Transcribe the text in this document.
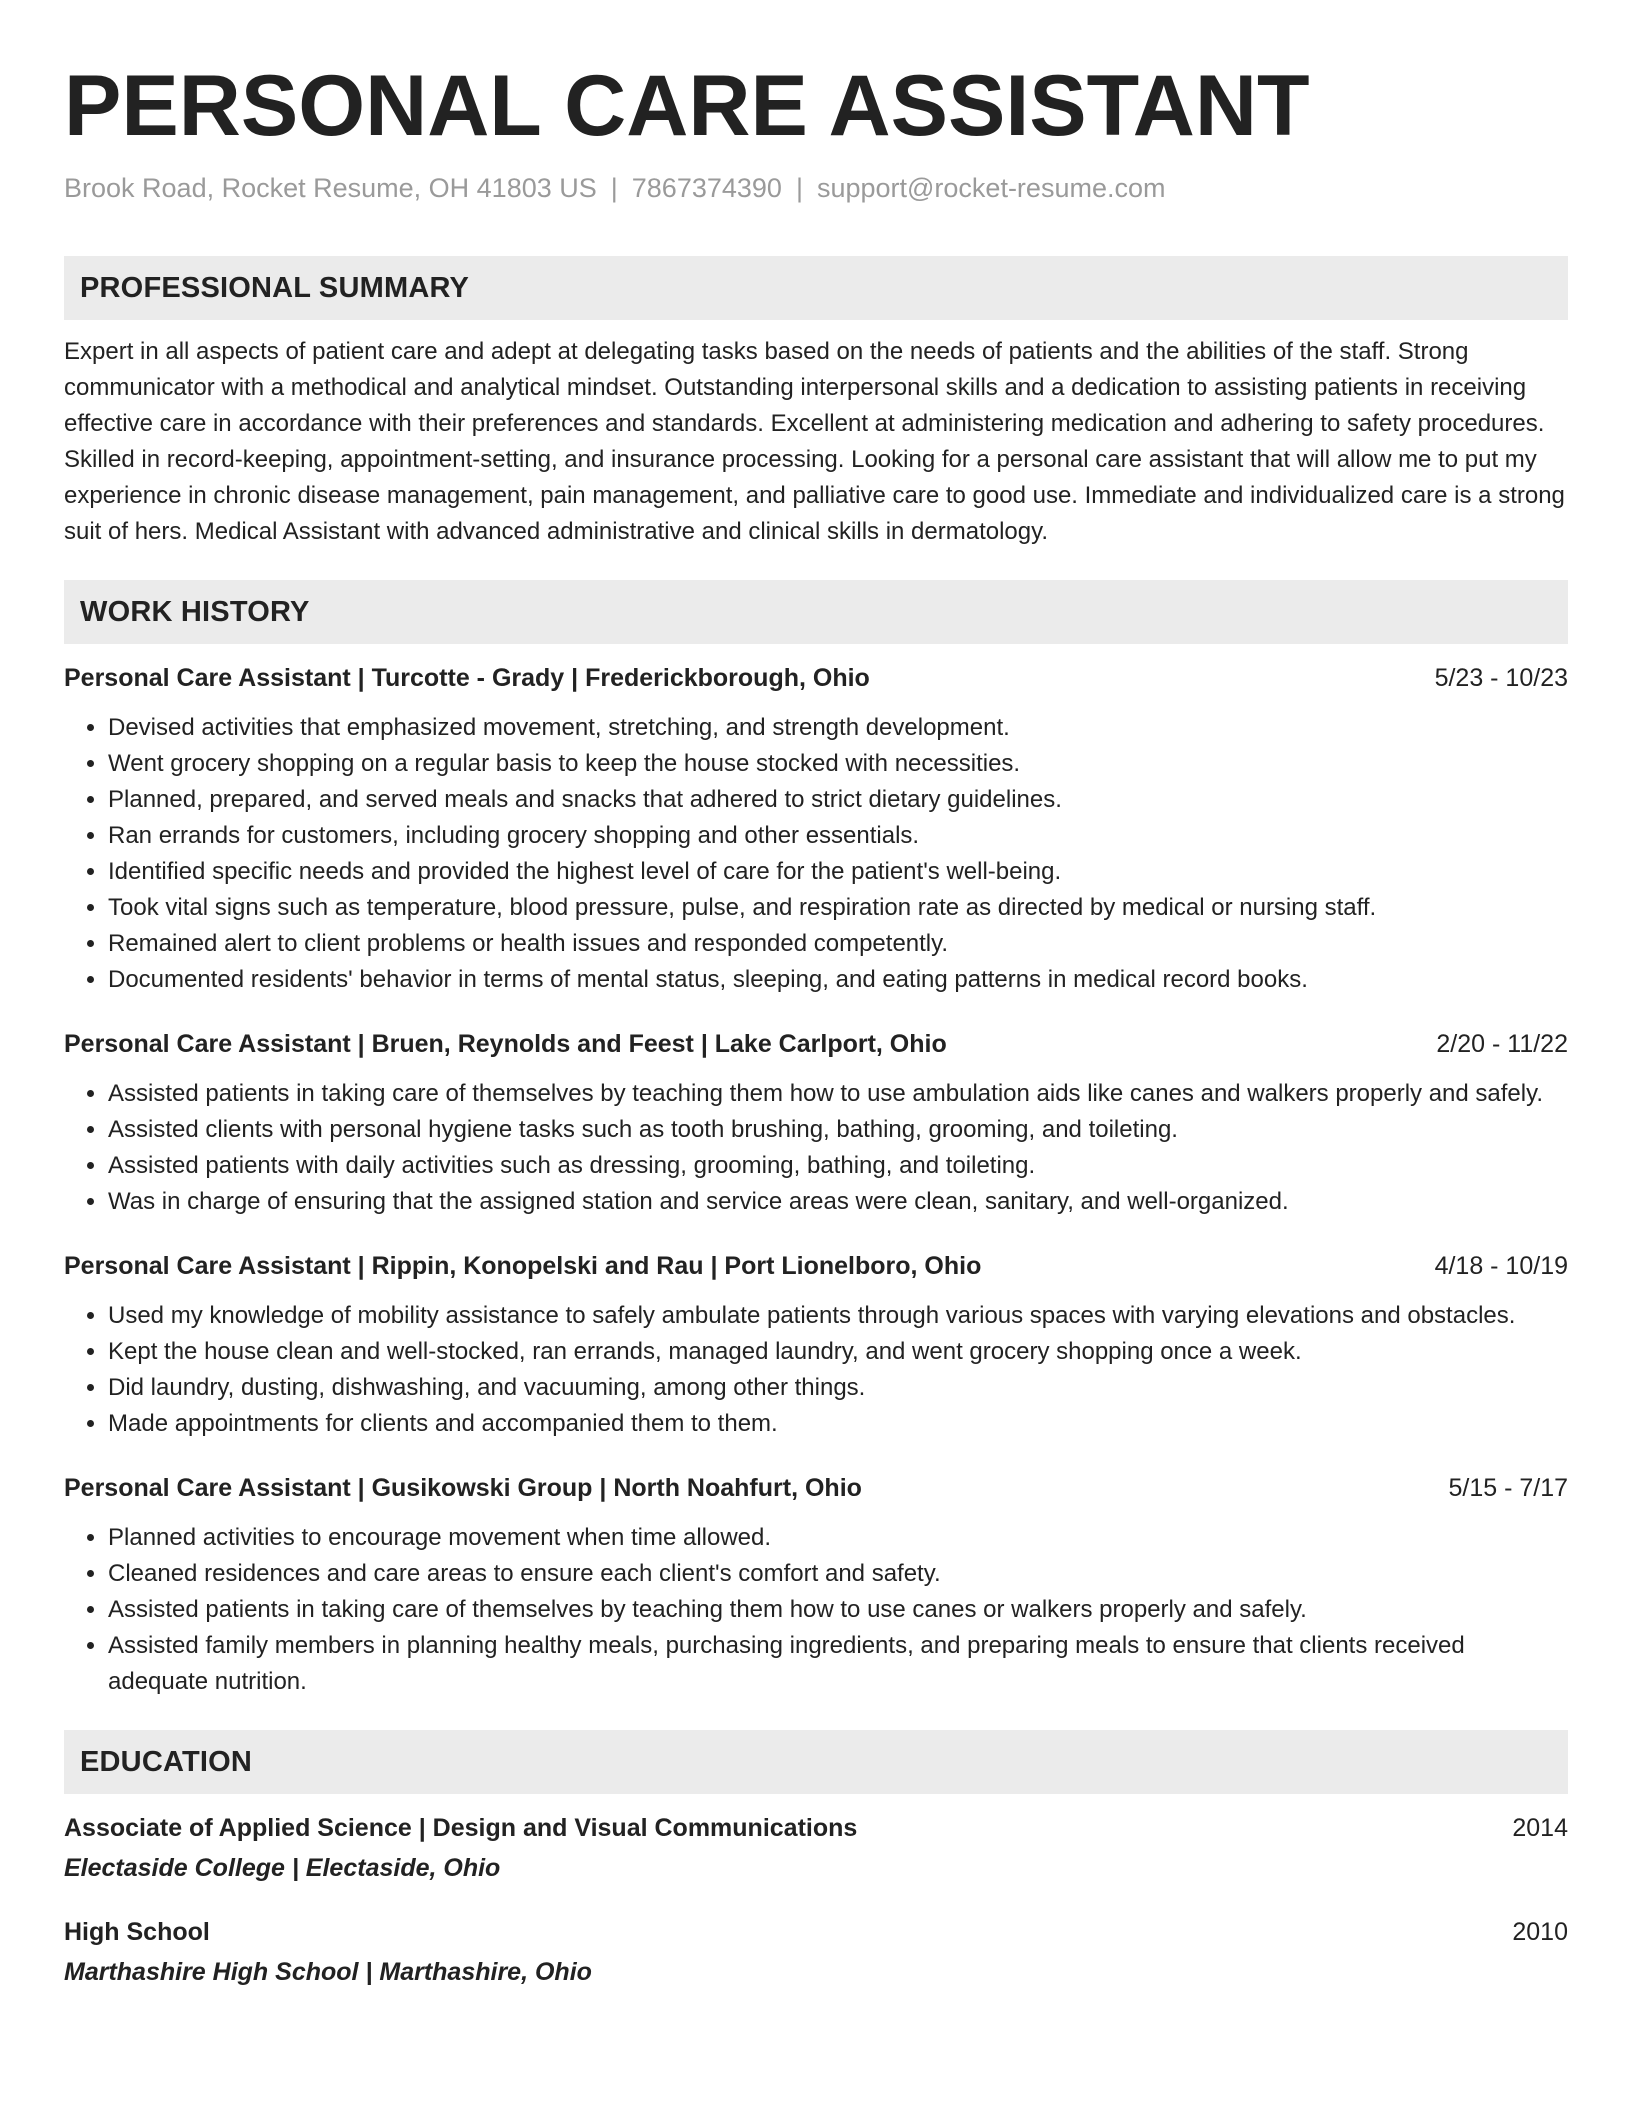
PERSONAL CARE ASSISTANT
Brook Road, Rocket Resume, OH 41803 US | 7867374390 | support@rocket-resume.com
PROFESSIONAL SUMMARY
Expert in all aspects of patient care and adept at delegating tasks based on the needs of patients and the abilities of the staff. Strong communicator with a methodical and analytical mindset. Outstanding interpersonal skills and a dedication to assisting patients in receiving effective care in accordance with their preferences and standards. Excellent at administering medication and adhering to safety procedures. Skilled in record-keeping, appointment-setting, and insurance processing. Looking for a personal care assistant that will allow me to put my experience in chronic disease management, pain management, and palliative care to good use. Immediate and individualized care is a strong suit of hers. Medical Assistant with advanced administrative and clinical skills in dermatology.
WORK HISTORY
Personal Care Assistant | Turcotte - Grady | Frederickborough, Ohio	5/23 - 10/23
• Devised activities that emphasized movement, stretching, and strength development.
• Went grocery shopping on a regular basis to keep the house stocked with necessities.
• Planned, prepared, and served meals and snacks that adhered to strict dietary guidelines.
• Ran errands for customers, including grocery shopping and other essentials.
• Identified specific needs and provided the highest level of care for the patient's well-being.
• Took vital signs such as temperature, blood pressure, pulse, and respiration rate as directed by medical or nursing staff.
• Remained alert to client problems or health issues and responded competently.
• Documented residents' behavior in terms of mental status, sleeping, and eating patterns in medical record books.
Personal Care Assistant | Bruen, Reynolds and Feest | Lake Carlport, Ohio	2/20 - 11/22
• Assisted patients in taking care of themselves by teaching them how to use ambulation aids like canes and walkers properly and safely.
• Assisted clients with personal hygiene tasks such as tooth brushing, bathing, grooming, and toileting.
• Assisted patients with daily activities such as dressing, grooming, bathing, and toileting.
• Was in charge of ensuring that the assigned station and service areas were clean, sanitary, and well-organized.
Personal Care Assistant | Rippin, Konopelski and Rau | Port Lionelboro, Ohio	4/18 - 10/19
• Used my knowledge of mobility assistance to safely ambulate patients through various spaces with varying elevations and obstacles.
• Kept the house clean and well-stocked, ran errands, managed laundry, and went grocery shopping once a week.
• Did laundry, dusting, dishwashing, and vacuuming, among other things.
• Made appointments for clients and accompanied them to them.
Personal Care Assistant | Gusikowski Group | North Noahfurt, Ohio	5/15 - 7/17
• Planned activities to encourage movement when time allowed.
• Cleaned residences and care areas to ensure each client's comfort and safety.
• Assisted patients in taking care of themselves by teaching them how to use canes or walkers properly and safely.
• Assisted family members in planning healthy meals, purchasing ingredients, and preparing meals to ensure that clients received adequate nutrition.
EDUCATION
Associate of Applied Science | Design and Visual Communications	2014
Electaside College | Electaside, Ohio
High School	2010
Marthashire High School | Marthashire, Ohio
